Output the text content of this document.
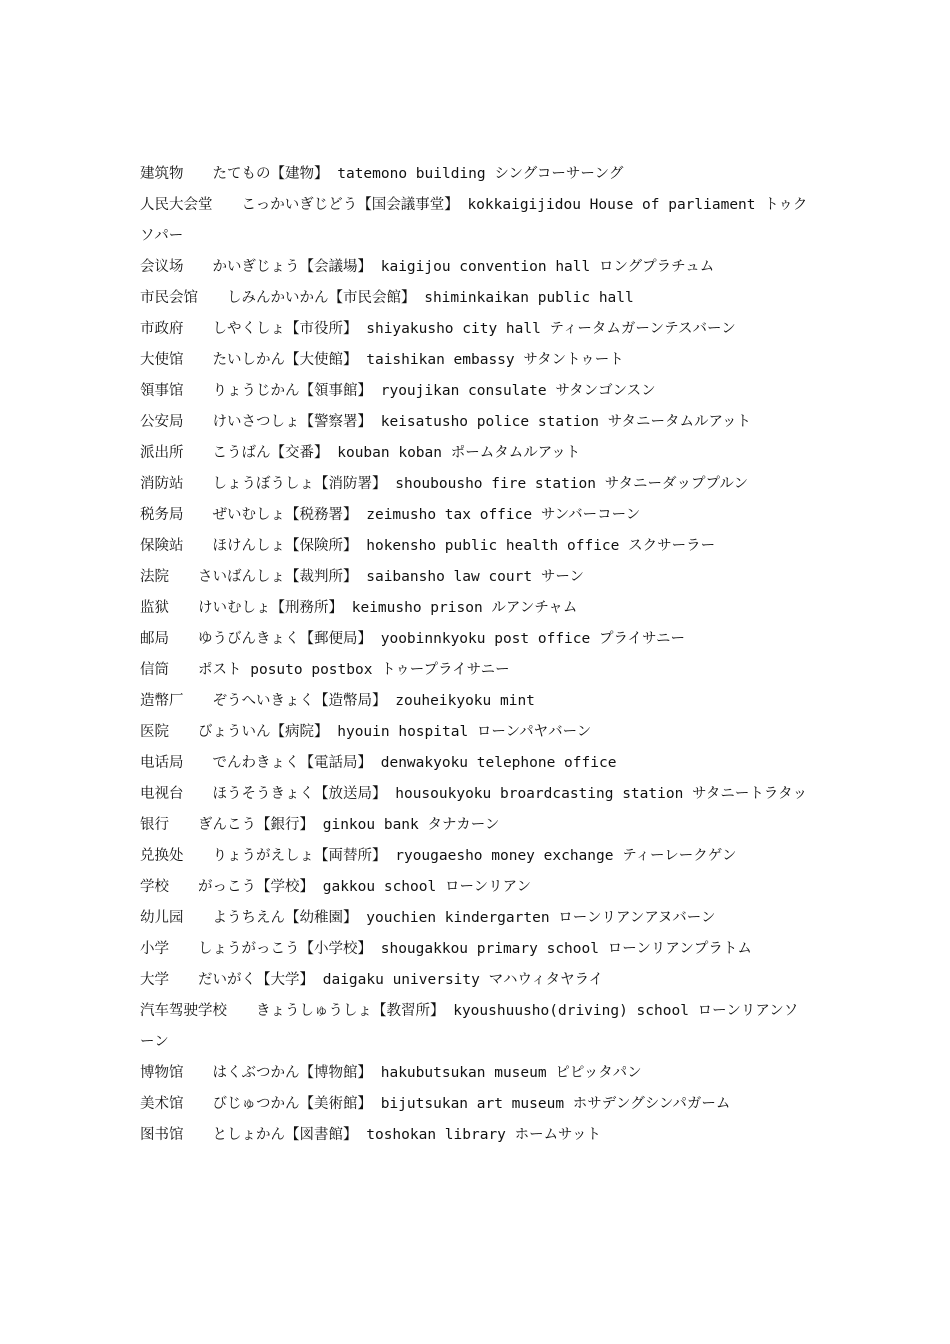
建筑物　　たてもの【建物】 tatemono building シングコーサーング

人民大会堂　　こっかいぎじどう【国会議事堂】 kokkaigijidou House of parliament トゥクソパー

会议场　　かいぎじょう【会議場】 kaigijou convention hall ロングプラチュム

市民会馆　　しみんかいかん【市民会館】 shiminkaikan public hall

市政府　　しやくしょ【市役所】 shiyakusho city hall ティータムガーンテスバーン

大使馆　　たいしかん【大使館】 taishikan embassy サタントゥート

領事馆　　りょうじかん【領事館】 ryoujikan consulate サタンゴンスン

公安局　　けいさつしょ【警察署】 keisatusho police station サタニータムルアット

派出所　　こうばん【交番】 kouban koban ポームタムルアット

消防站　　しょうぼうしょ【消防署】 shoubousho fire station サタニーダッププルン

税务局　　ぜいむしょ【税務署】 zeimusho tax office サンバーコーン

保険站　　ほけんしょ【保険所】 hokensho public health office スクサーラー

法院　　さいばんしょ【裁判所】 saibansho law court サーン

监狱　　けいむしょ【刑務所】 keimusho prison ルアンチャム

邮局　　ゆうびんきょく【郵便局】 yoobinnkyoku post office プライサニー

信筒　　ポスト posuto postbox トゥープライサニー

造幣厂　　ぞうへいきょく【造幣局】 zouheikyoku mint

医院　　びょういん【病院】 hyouin hospital ローンパヤバーン

电话局　　でんわきょく【電話局】 denwakyoku telephone office

电视台　　ほうそうきょく【放送局】 housoukyoku broardcasting station サタニートラタッ

银行　　ぎんこう【銀行】 ginkou bank タナカーン

兑换处　　りょうがえしょ【両替所】 ryougaesho money exchange ティーレークゲン

学校　　がっこう【学校】 gakkou school ローンリアン

幼儿园　　ようちえん【幼稚園】 youchien kindergarten ローンリアンアヌバーン

小学　　しょうがっこう【小学校】 shougakkou primary school ローンリアンプラトム

大学　　だいがく【大学】 daigaku university マハウィタヤライ

汽车驾驶学校　　きょうしゅうしょ【教習所】 kyoushuusho(driving) school ローンリアンソーン

博物馆　　はくぶつかん【博物館】 hakubutsukan museum ピピッタパン

美术馆　　びじゅつかん【美術館】 bijutsukan art museum ホサデングシンパガーム

图书馆　　としょかん【図書館】 toshokan library ホームサット
